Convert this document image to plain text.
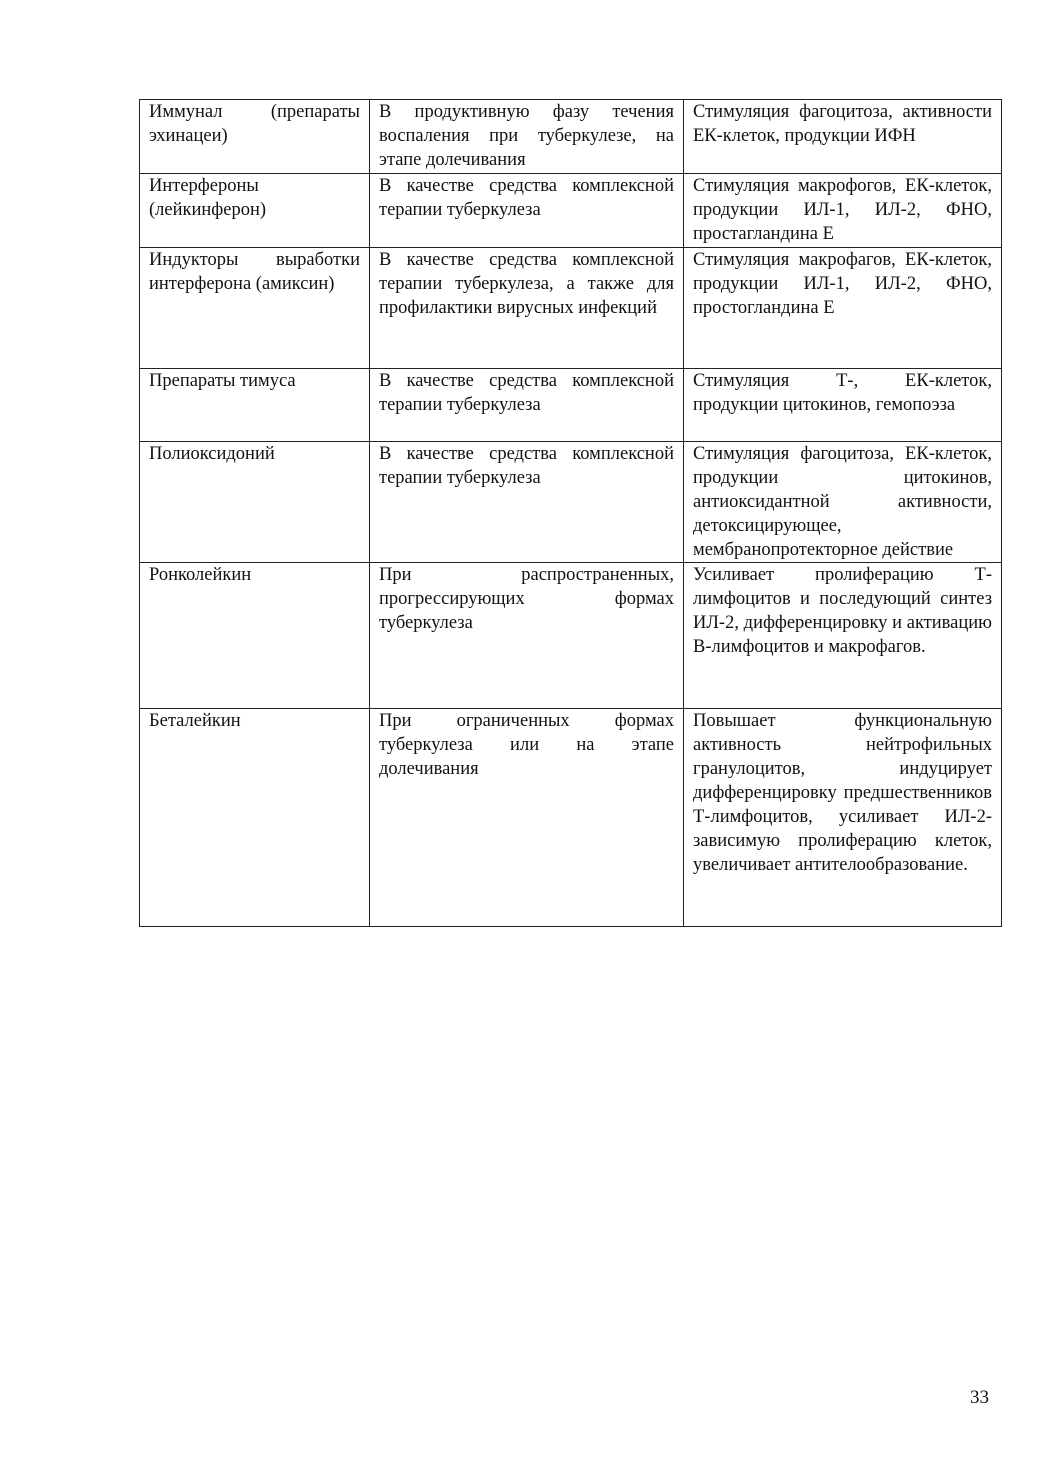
Иммунал (препараты эхинацеи)	В продуктивную фазу течения воспаления при туберкулезе, на этапе долечивания	Стимуляция фагоцитоза, активности ЕК-клеток, продукции ИФН
Интерфероны (лейкинферон)	В качестве средства комплексной терапии туберкулеза	Стимуляция макрофогов, ЕК-клеток, продукции ИЛ-1, ИЛ-2, ФНО, простагландина Е
Индукторы выработки интерферона (амиксин)	В качестве средства комплексной терапии туберкулеза, а также для профилактики вирусных инфекций	Стимуляция макрофагов, ЕК-клеток, продукции ИЛ-1, ИЛ-2, ФНО, простогландина Е
Препараты тимуса	В качестве средства комплексной терапии туберкулеза	Стимуляция Т-, ЕК-клеток, продукции цитокинов, гемопоэза
Полиоксидоний	В качестве средства комплексной терапии туберкулеза	Стимуляция фагоцитоза, ЕК-клеток, продукции цитокинов, антиоксидантной активности, детоксицирующее, мембранопротекторное действие
Ронколейкин	При распространенных, прогрессирующих формах туберкулеза	Усиливает пролиферацию Т-лимфоцитов и последующий синтез ИЛ-2, дифференцировку и активацию В-лимфоцитов и макрофагов.
Беталейкин	При ограниченных формах туберкулеза или на этапе долечивания	Повышает функциональную активность нейтрофильных гранулоцитов, индуцирует дифференцировку предшественников Т-лимфоцитов, усиливает ИЛ-2-зависимую пролиферацию клеток, увеличивает антителообразование.
33
